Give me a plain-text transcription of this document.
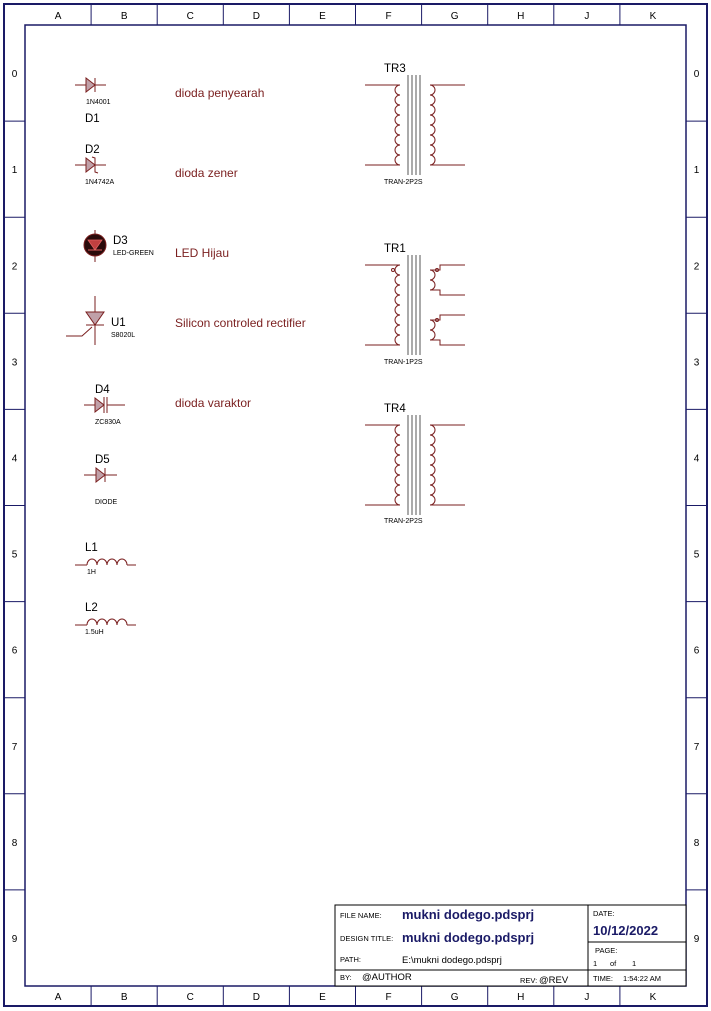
A
A
B
B
C
C
D
D
E
E
F
F
G
G
H
H
J
J
K
K
0	0
1	1
2	2
3	3
4	4
5	5
6	6
7	7
8	8
9	9
1N4001
D1
dioda penyearah
D2
1N4742A
dioda zener
D3
LED-GREEN LED Hijau
U1
S8020L
Silicon controled rectifier
D4
ZC830A
dioda varaktor
D5
DIODE
L1
1H
L2
1.5uH
TR3
TRAN-2P2S
TR1
TRAN-1P2S
TR4
TRAN-2P2S
FILE NAME: mukni dodego.pdsprj
DESIGN TITLE: mukni dodego.pdsprj
PATH:	E:\mukni dodego.pdsprj
BY: @AUTHOR	REV: @REV
DATE:
10/12/2022
PAGE:
1 of 1
TIME: 1:54:22 AM
